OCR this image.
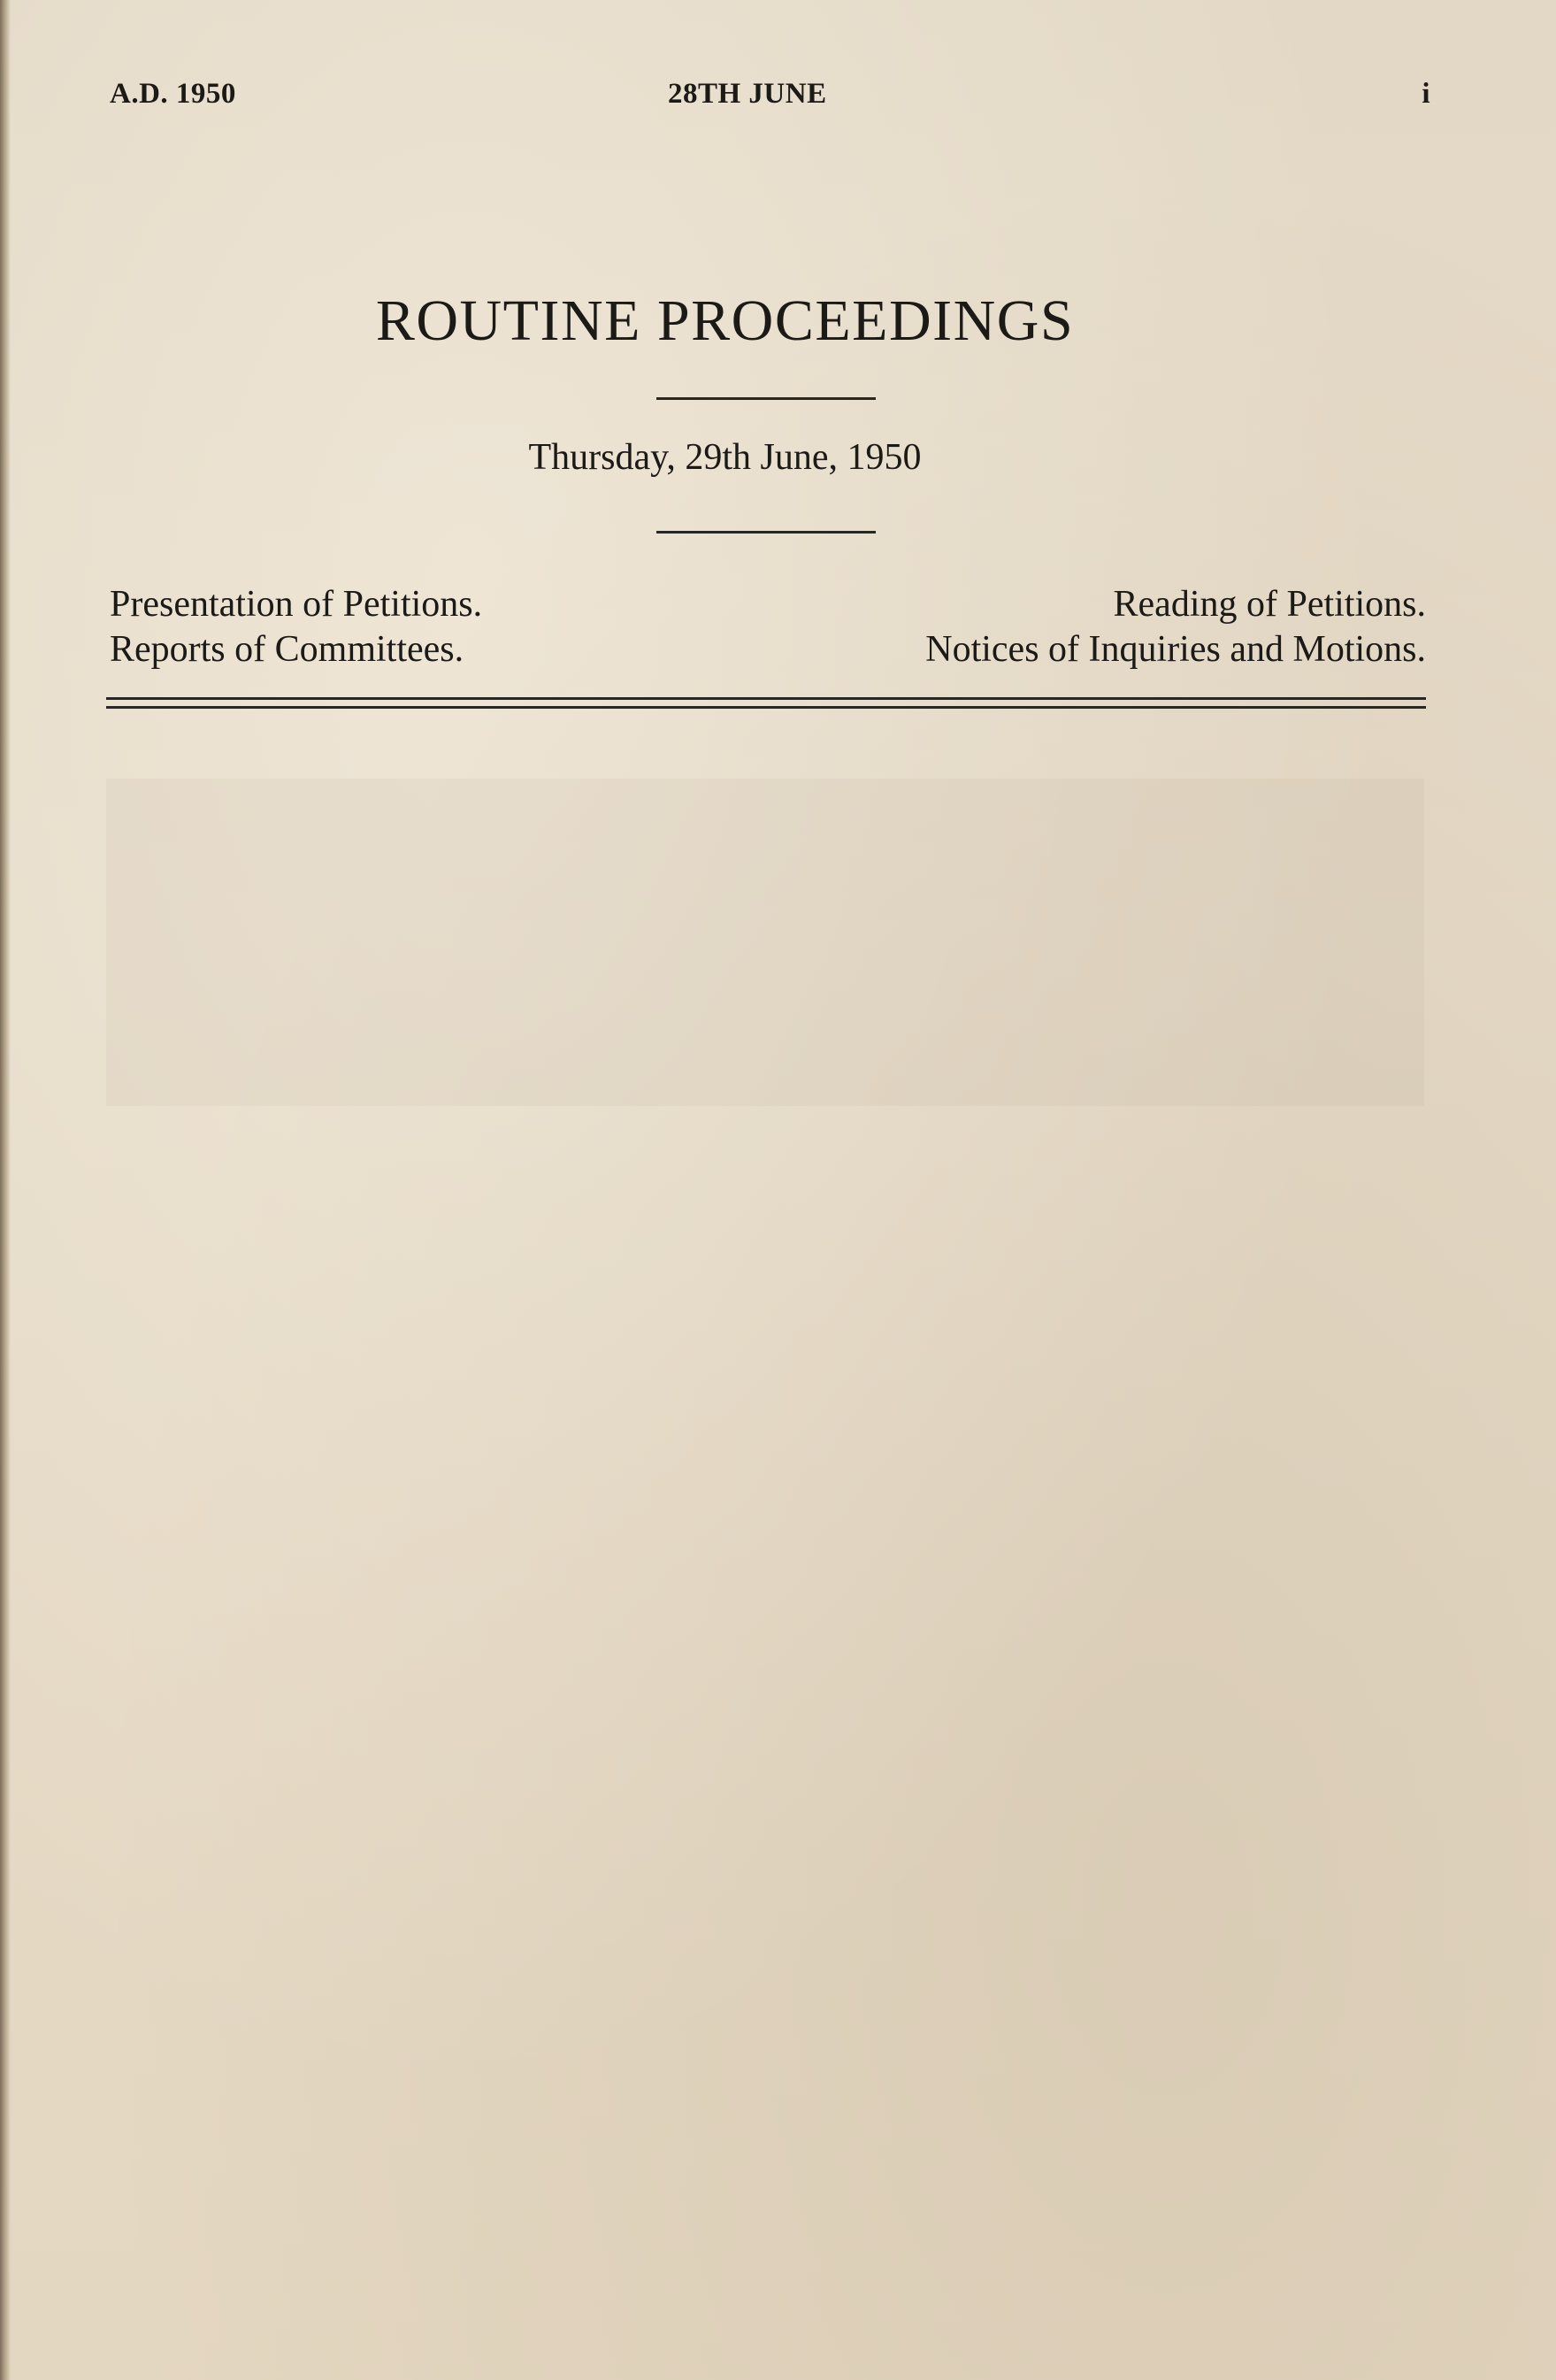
A.D. 1950	28TH JUNE	i
ROUTINE PROCEEDINGS
Thursday, 29th June, 1950
Presentation of Petitions.	Reading of Petitions.
Reports of Committees.	Notices of Inquiries and Motions.
